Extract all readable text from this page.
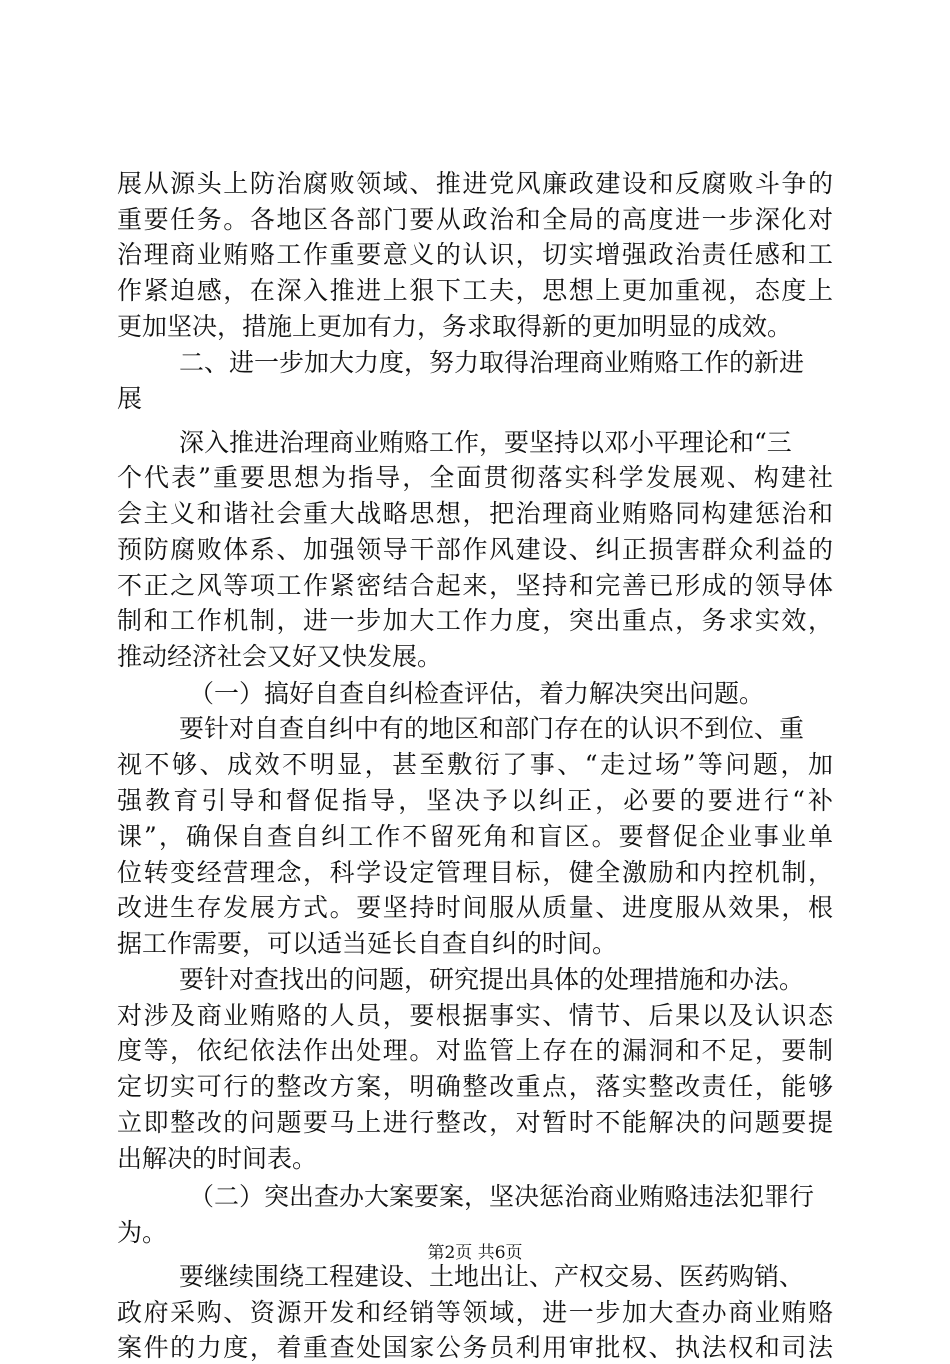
展从源头上防治腐败领域、推进党风廉政建设和反腐败斗争的
重要任务。各地区各部门要从政治和全局的高度进一步深化对
治理商业贿赂工作重要意义的认识，切实增强政治责任感和工
作紧迫感，在深入推进上狠下工夫，思想上更加重视，态度上
更加坚决，措施上更加有力，务求取得新的更加明显的成效。
二、进一步加大力度，努力取得治理商业贿赂工作的新进
展
深入推进治理商业贿赂工作，要坚持以邓小平理论和“三
个代表”重要思想为指导，全面贯彻落实科学发展观、构建社
会主义和谐社会重大战略思想，把治理商业贿赂同构建惩治和
预防腐败体系、加强领导干部作风建设、纠正损害群众利益的
不正之风等项工作紧密结合起来，坚持和完善已形成的领导体
制和工作机制，进一步加大工作力度，突出重点，务求实效，
推动经济社会又好又快发展。
（一）搞好自查自纠检查评估，着力解决突出问题。
要针对自查自纠中有的地区和部门存在的认识不到位、重
视不够、成效不明显，甚至敷衍了事、“走过场”等问题，加
强教育引导和督促指导，坚决予以纠正，必要的要进行“补
课”，确保自查自纠工作不留死角和盲区。要督促企业事业单
位转变经营理念，科学设定管理目标，健全激励和内控机制，
改进生存发展方式。要坚持时间服从质量、进度服从效果，根
据工作需要，可以适当延长自查自纠的时间。
要针对查找出的问题，研究提出具体的处理措施和办法。
对涉及商业贿赂的人员，要根据事实、情节、后果以及认识态
度等，依纪依法作出处理。对监管上存在的漏洞和不足，要制
定切实可行的整改方案，明确整改重点，落实整改责任，能够
立即整改的问题要马上进行整改，对暂时不能解决的问题要提
出解决的时间表。
（二）突出查办大案要案，坚决惩治商业贿赂违法犯罪行
为。
要继续围绕工程建设、土地出让、产权交易、医药购销、
政府采购、资源开发和经销等领域，进一步加大查办商业贿赂
案件的力度，着重查处国家公务员利用审批权、执法权和司法
第2页 共6页
